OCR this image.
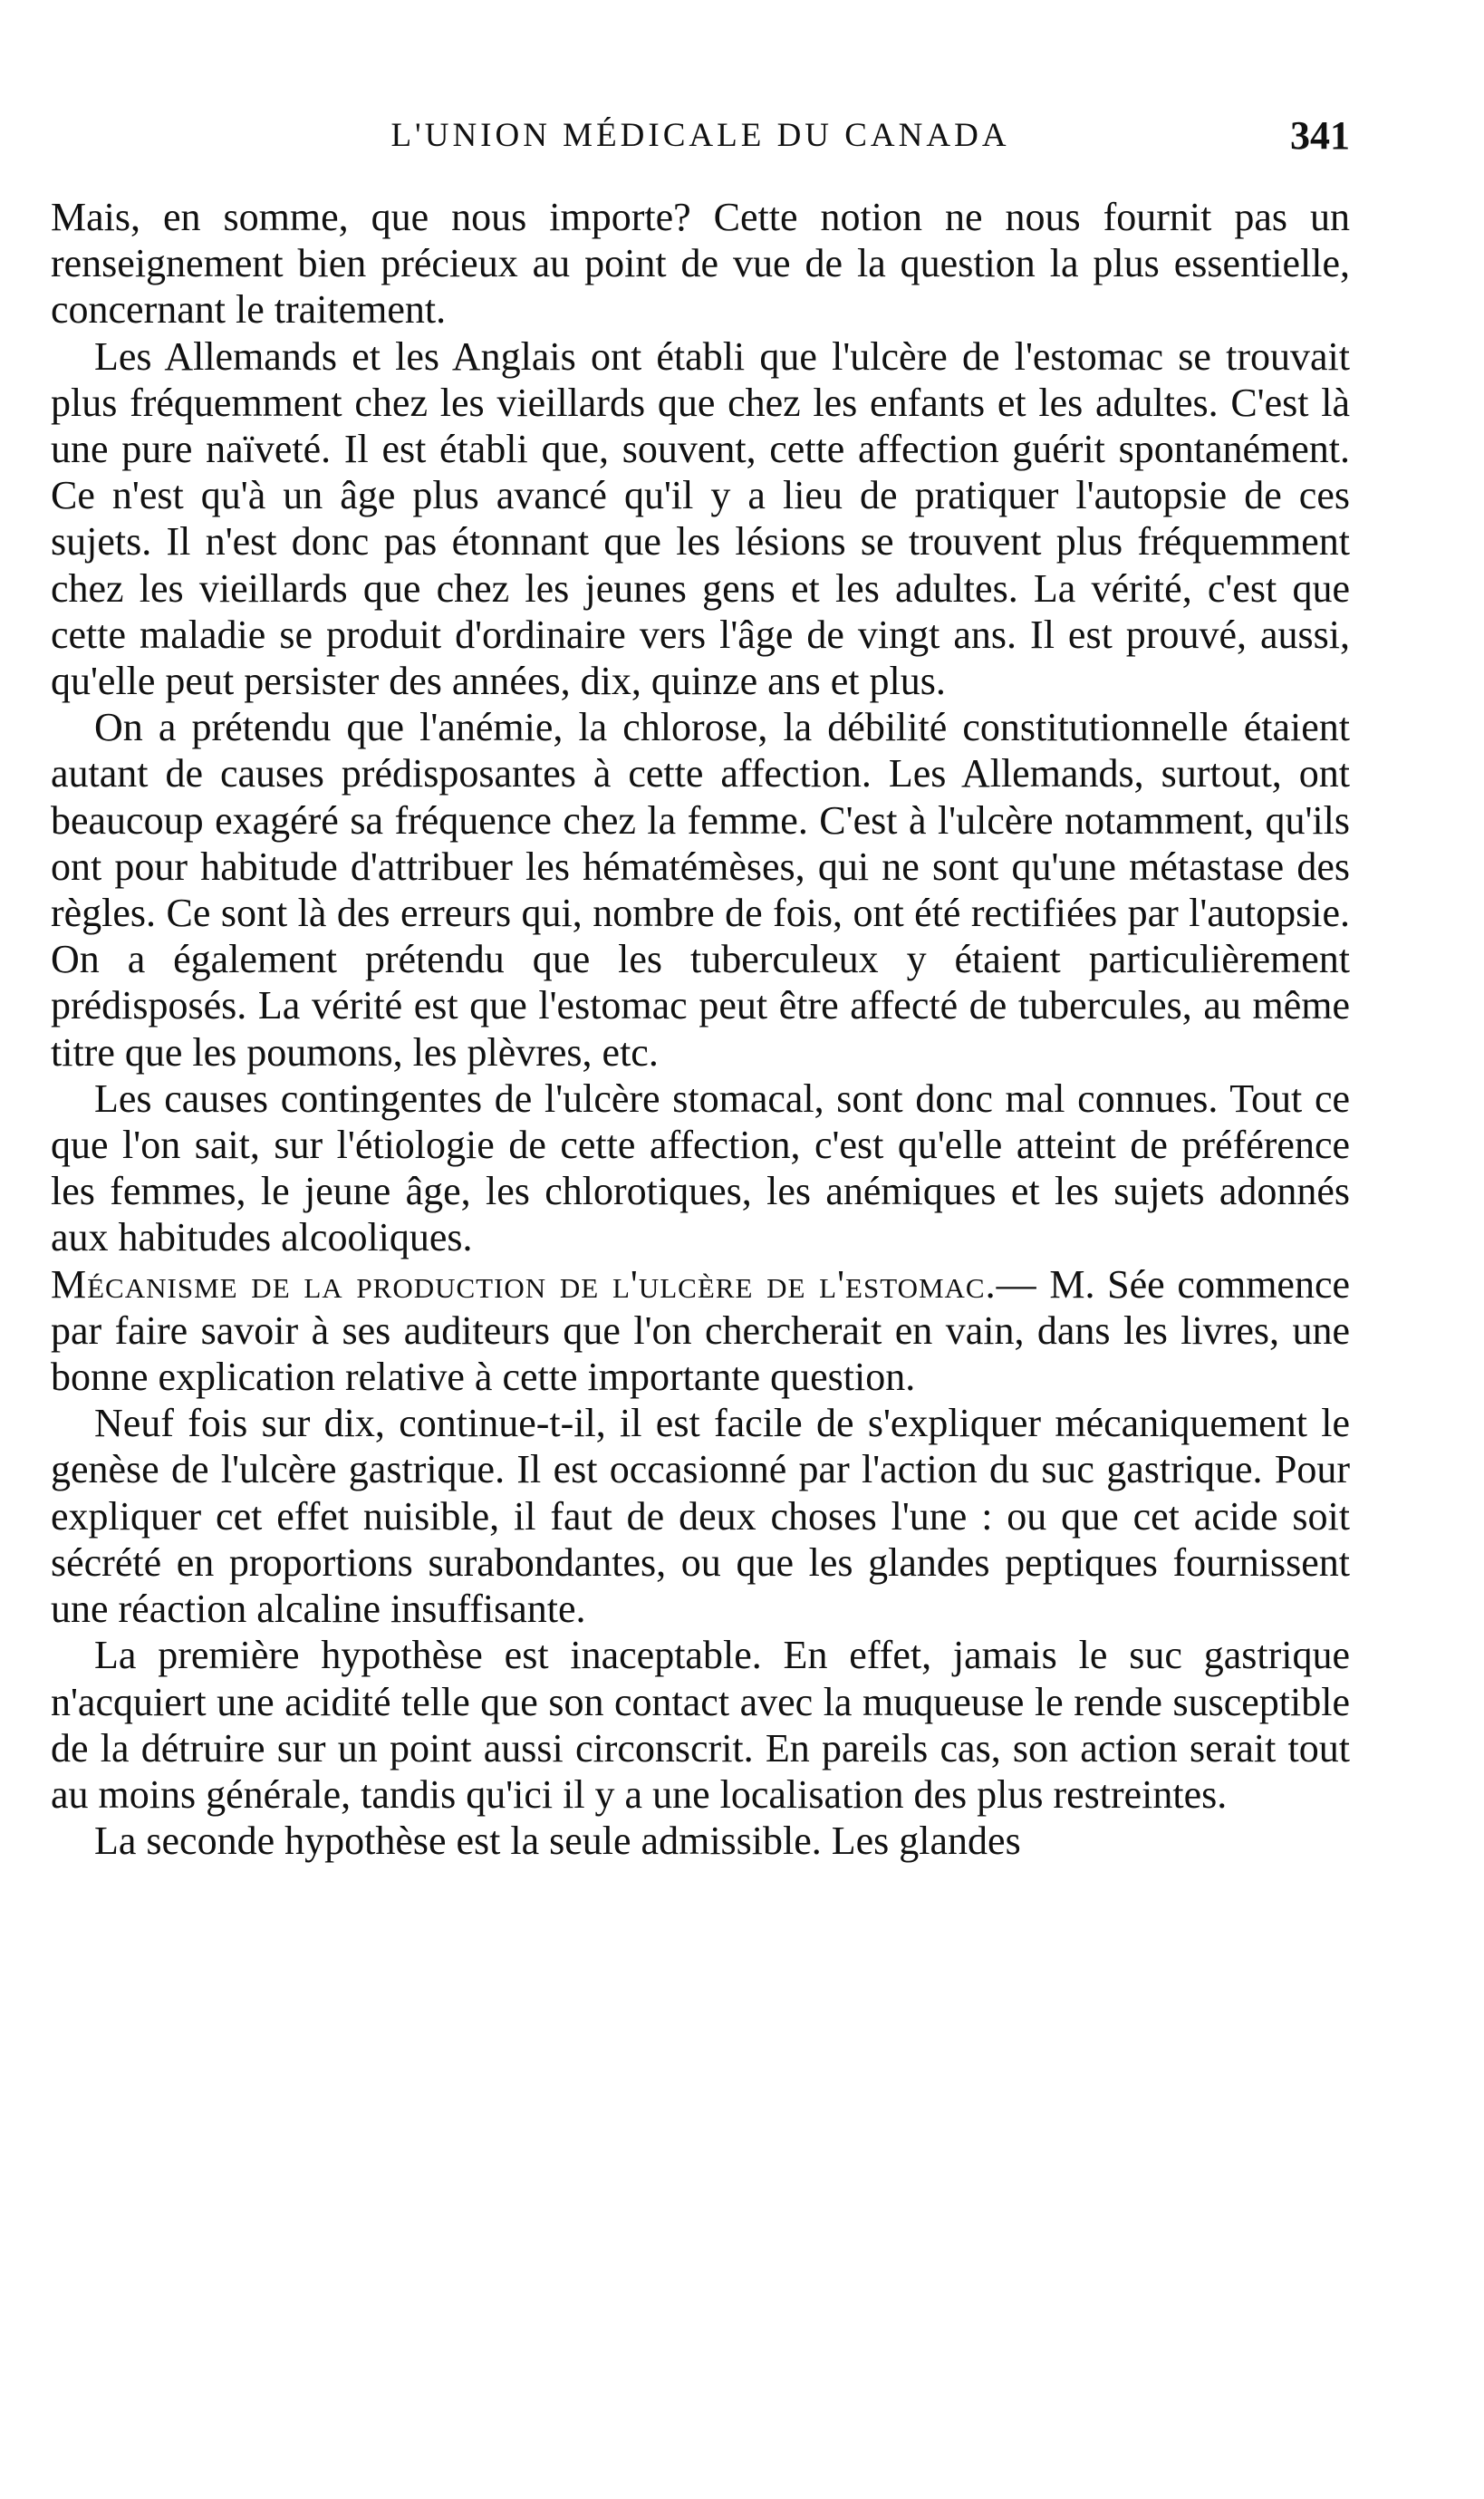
L'UNION MÉDICALE DU CANADA	341

Mais, en somme, que nous importe? Cette notion ne nous fournit pas un renseignement bien précieux au point de vue de la question la plus essentielle, concernant le traitement.

Les Allemands et les Anglais ont établi que l'ulcère de l'estomac se trouvait plus fréquemment chez les vieillards que chez les enfants et les adultes. C'est là une pure naïveté. Il est établi que, souvent, cette affection guérit spontanément. Ce n'est qu'à un âge plus avancé qu'il y a lieu de pratiquer l'autopsie de ces sujets. Il n'est donc pas étonnant que les lésions se trouvent plus fréquemment chez les vieillards que chez les jeunes gens et les adultes. La vérité, c'est que cette maladie se produit d'ordinaire vers l'âge de vingt ans. Il est prouvé, aussi, qu'elle peut persister des années, dix, quinze ans et plus.

On a prétendu que l'anémie, la chlorose, la débilité constitutionnelle étaient autant de causes prédisposantes à cette affection. Les Allemands, surtout, ont beaucoup exagéré sa fréquence chez la femme. C'est à l'ulcère notamment, qu'ils ont pour habitude d'attribuer les hématémèses, qui ne sont qu'une métastase des règles. Ce sont là des erreurs qui, nombre de fois, ont été rectifiées par l'autopsie. On a également prétendu que les tuberculeux y étaient particulièrement prédisposés. La vérité est que l'estomac peut être affecté de tubercules, au même titre que les poumons, les plèvres, etc.

Les causes contingentes de l'ulcère stomacal, sont donc mal connues. Tout ce que l'on sait, sur l'étiologie de cette affection, c'est qu'elle atteint de préférence les femmes, le jeune âge, les chlorotiques, les anémiques et les sujets adonnés aux habitudes alcooliques.

Mécanisme de la production de l'ulcère de l'estomac.— M. Sée commence par faire savoir à ses auditeurs que l'on chercherait en vain, dans les livres, une bonne explication relative à cette importante question.

Neuf fois sur dix, continue-t-il, il est facile de s'expliquer mécaniquement le genèse de l'ulcère gastrique. Il est occasionné par l'action du suc gastrique. Pour expliquer cet effet nuisible, il faut de deux choses l'une : ou que cet acide soit sécrété en proportions surabondantes, ou que les glandes peptiques fournissent une réaction alcaline insuffisante.

La première hypothèse est inaceptable. En effet, jamais le suc gastrique n'acquiert une acidité telle que son contact avec la muqueuse le rende susceptible de la détruire sur un point aussi circonscrit. En pareils cas, son action serait tout au moins générale, tandis qu'ici il y a une localisation des plus restreintes.

La seconde hypothèse est la seule admissible. Les glandes
